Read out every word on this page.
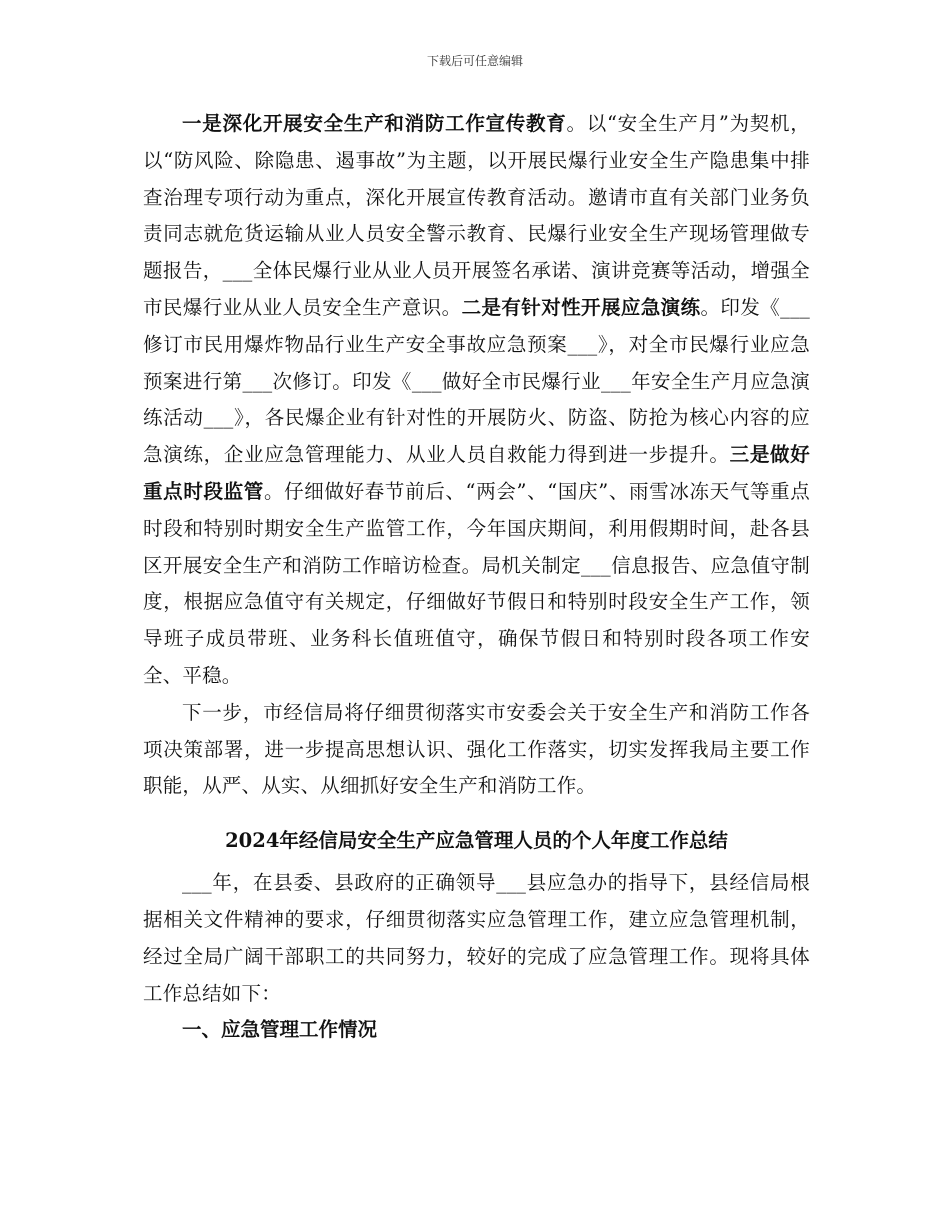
下载后可任意编辑

一是深化开展安全生产和消防工作宣传教育。以“安全生产月”为契机，以“防风险、除隐患、遏事故”为主题，以开展民爆行业安全生产隐患集中排查治理专项行动为重点，深化开展宣传教育活动。邀请市直有关部门业务负责同志就危货运输从业人员安全警示教育、民爆行业安全生产现场管理做专题报告，___全体民爆行业从业人员开展签名承诺、演讲竞赛等活动，增强全市民爆行业从业人员安全生产意识。二是有针对性开展应急演练。印发《___修订市民用爆炸物品行业生产安全事故应急预案___》，对全市民爆行业应急预案进行第___次修订。印发《___做好全市民爆行业___年安全生产月应急演练活动___》，各民爆企业有针对性的开展防火、防盗、防抢为核心内容的应急演练，企业应急管理能力、从业人员自救能力得到进一步提升。三是做好重点时段监管。仔细做好春节前后、“两会”、“国庆”、雨雪冰冻天气等重点时段和特别时期安全生产监管工作，今年国庆期间，利用假期时间，赴各县区开展安全生产和消防工作暗访检查。局机关制定___信息报告、应急值守制度，根据应急值守有关规定，仔细做好节假日和特别时段安全生产工作，领导班子成员带班、业务科长值班值守，确保节假日和特别时段各项工作安全、平稳。

下一步，市经信局将仔细贯彻落实市安委会关于安全生产和消防工作各项决策部署，进一步提高思想认识、强化工作落实，切实发挥我局主要工作职能，从严、从实、从细抓好安全生产和消防工作。

2024年经信局安全生产应急管理人员的个人年度工作总结

___年，在县委、县政府的正确领导___县应急办的指导下，县经信局根据相关文件精神的要求，仔细贯彻落实应急管理工作，建立应急管理机制，经过全局广阔干部职工的共同努力，较好的完成了应急管理工作。现将具体工作总结如下：

一、应急管理工作情况
